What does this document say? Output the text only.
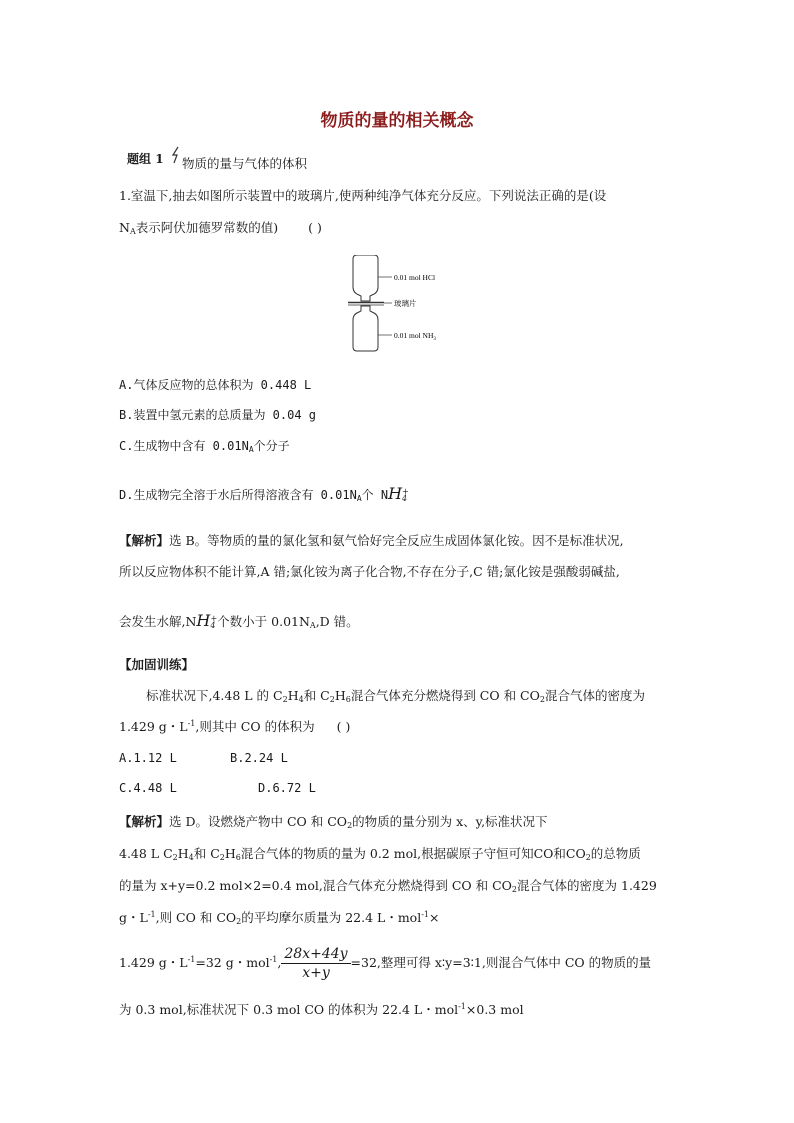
物质的量的相关概念
题组 1 物质的量与气体的体积
1.室温下,抽去如图所示装置中的玻璃片,使两种纯净气体充分反应。下列说法正确的是(设
$N_A$表示阿伏加德罗常数的值) ( )
0.01 mol HCl
玻璃片
0.01 mol $NH_3$
A.气体反应物的总体积为 0.448 L
B.装置中氢元素的总质量为 0.04 g
C.生成物中含有 $0.01N_A$个分子
D.生成物完全溶于水后所得溶液含有 $0.01N_A$个 $NH_4^+$
【解析】选 B。等物质的量的氯化氢和氨气恰好完全反应生成固体氯化铵。因不是标准状况,
所以反应物体积不能计算,A 错;氯化铵为离子化合物,不存在分子,C 错;氯化铵是强酸弱碱盐,
会发生水解$,NH_4^+$个数小于 $0.01N_A,D$ 错。
【加固训练】
标准状况下,4.48 L 的 $C_2H_4$和 $C_2H_6$混合气体充分燃烧得到 CO 和 $CO_2$混合气体的密度为
1.429 g・$L^{-1}$,则其中 CO 的体积为 ( )
A.1.12 L	B.2.24 L
C.4.48 L	D.6.72 L
【解析】选 D。设燃烧产物中 CO 和 $CO_2$的物质的量分别为 x、y,标准状况下
4.48 L $C_2H_4$和 $C_2H_6$混合气体的物质的量为 0.2 mol,根据碳原子守恒可知CO和$CO_2$的总物质
的量为 x+y=0.2 mol×2=0.4 mol,混合气体充分燃烧得到 CO 和 $CO_2$混合气体的密度为 1.429
g・$L^{-1}$,则 CO 和 $CO_2$的平均摩尔质量为 22.4 L・mol$^{-1}$×
1.429 g・$L^{-1}=32$ g・mol$^{-1}$, $\frac{28x+44y}{x+y} =32$,整理可得 x∶y=3∶1,则混合气体中 CO 的物质的量
为 0.3 mol,标准状况下 0.3 mol CO 的体积为 22.4 L・mol$^{-1}$×0.3 mol
